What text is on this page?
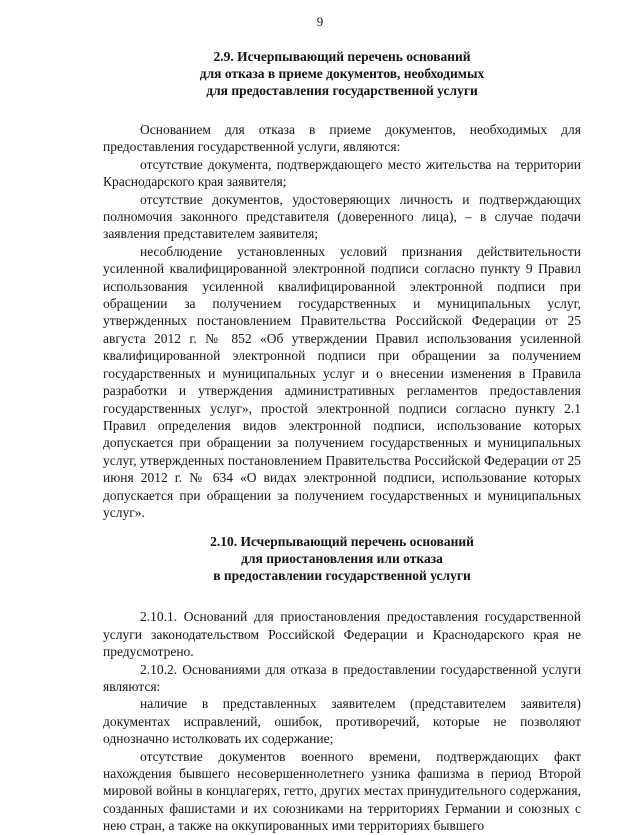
9
2.9. Исчерпывающий перечень оснований
для отказа в приеме документов, необходимых
для предоставления государственной услуги

Основанием для отказа в приеме документов, необходимых для предоставления государственной услуги, являются:

отсутствие документа, подтверждающего место жительства на территории Краснодарского края заявителя;

отсутствие документов, удостоверяющих личность и подтверждающих полномочия законного представителя (доверенного лица), – в случае подачи заявления представителем заявителя;

несоблюдение установленных условий признания действительности усиленной квалифицированной электронной подписи согласно пункту 9 Правил использования усиленной квалифицированной электронной подписи при обращении за получением государственных и муниципальных услуг, утвержденных постановлением Правительства Российской Федерации от 25 августа 2012 г. № 852 «Об утверждении Правил использования усиленной квалифицированной электронной подписи при обращении за получением государственных и муниципальных услуг и о внесении изменения в Правила разработки и утверждения административных регламентов предоставления государственных услуг», простой электронной подписи согласно пункту 2.1 Правил определения видов электронной подписи, использование которых допускается при обращении за получением государственных и муниципальных услуг, утвержденных постановлением Правительства Российской Федерации от 25 июня 2012 г. № 634 «О видах электронной подписи, использование которых допускается при обращении за получением государственных и муниципальных услуг».

2.10. Исчерпывающий перечень оснований
для приостановления или отказа
в предоставлении государственной услуги

2.10.1. Оснований для приостановления предоставления государственной услуги законодательством Российской Федерации и Краснодарского края не предусмотрено.

2.10.2. Основаниями для отказа в предоставлении государственной услуги являются:

наличие в представленных заявителем (представителем заявителя) документах исправлений, ошибок, противоречий, которые не позволяют однозначно истолковать их содержание;

отсутствие документов военного времени, подтверждающих факт нахождения бывшего несовершеннолетнего узника фашизма в период Второй мировой войны в концлагерях, гетто, других местах принудительного содержания, созданных фашистами и их союзниками на территориях Германии и союзных с нею стран, а также на оккупированных ими территориях бывшего
